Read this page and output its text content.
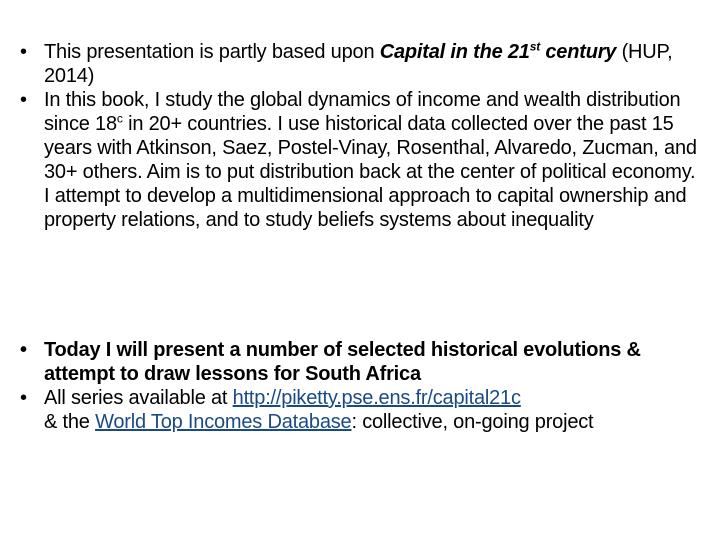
• This presentation is partly based upon Capital in the 21st century (HUP, 2014)
• In this book, I study the global dynamics of income and wealth distribution since 18$^c$ in 20+ countries. I use historical data collected over the past 15 years with Atkinson, Saez, Postel-Vinay, Rosenthal, Alvaredo, Zucman, and 30+ others. Aim is to put distribution back at the center of political economy.
I attempt to develop a multidimensional approach to capital ownership and property relations, and to study beliefs systems about inequality
• Today I will present a number of selected historical evolutions & attempt to draw lessons for South Africa
• All series available at http://piketty.pse.ens.fr/capital21c
& the World Top Incomes Database: collective, on-going project
